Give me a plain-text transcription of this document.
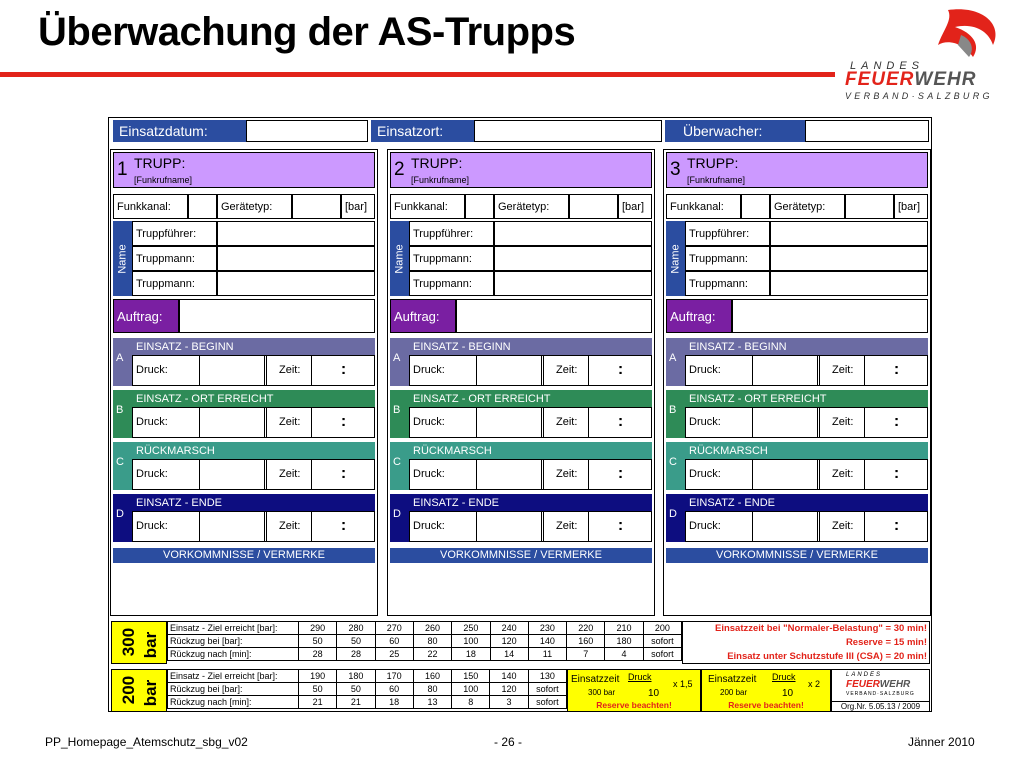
Überwachung der AS-Trupps
LANDES
FEUERWEHR
VERBAND·SALZBURG
Einsatzdatum:	Einsatzort:	Überwacher:
1 TRUPP:
[Funkrufname]
Funkkanal:	Gerätetyp:	[bar]
Name
Truppführer:
Truppmann:
Truppmann:
Auftrag:
A
EINSATZ - BEGINN
Druck:	Zeit:	:
B
EINSATZ - ORT ERREICHT
Druck:	Zeit:	:
C
RÜCKMARSCH
Druck:	Zeit:	:
D
EINSATZ - ENDE
Druck:	Zeit:	:
VORKOMMNISSE / VERMERKE
2 TRUPP:
[Funkrufname]
Funkkanal:	Gerätetyp:	[bar]
Name
Truppführer:
Truppmann:
Truppmann:
Auftrag:
A
EINSATZ - BEGINN
Druck:	Zeit:	:
B
EINSATZ - ORT ERREICHT
Druck:	Zeit:	:
C
RÜCKMARSCH
Druck:	Zeit:	:
D
EINSATZ - ENDE
Druck:	Zeit:	:
VORKOMMNISSE / VERMERKE
3 TRUPP:
[Funkrufname]
Funkkanal:	Gerätetyp:	[bar]
Name
Truppführer:
Truppmann:
Truppmann:
Auftrag:
A
EINSATZ - BEGINN
Druck:	Zeit:	:
B
EINSATZ - ORT ERREICHT
Druck:	Zeit:	:
C
RÜCKMARSCH
Druck:	Zeit:	:
D
EINSATZ - ENDE
Druck:	Zeit:	:
VORKOMMNISSE / VERMERKE
300 bar
Einsatz - Ziel erreicht [bar]:	290	280	270	260	250	240	230	220	210	200
Rückzug bei [bar]:	50	50	60	80	100	120	140	160	180	sofort
Rückzug nach [min]:	28	28	25	22	18	14	11	7	4	sofort
Einsatzzeit bei "Normaler-Belastung" = 30 min!
Reserve = 15 min!
Einsatz unter Schutzstufe III (CSA) = 20 min!
200 bar
Einsatz - Ziel erreicht [bar]:	190	180	170	160	150	140	130
Rückzug bei [bar]:	50	50	60	80	100	120	sofort
Rückzug nach [min]:	21	21	18	13	8	3	sofort
Einsatzzeit Druck
300 bar	10
x 1,5
Reserve beachten!
Einsatzzeit Druck
200 bar	10
x 2
Reserve beachten!
LANDES
FEUERWEHR
VERBAND·SALZBURG
Org.Nr. 5.05.13 / 2009
PP_Homepage_Atemschutz_sbg_v02	- 26 -	Jänner 2010
